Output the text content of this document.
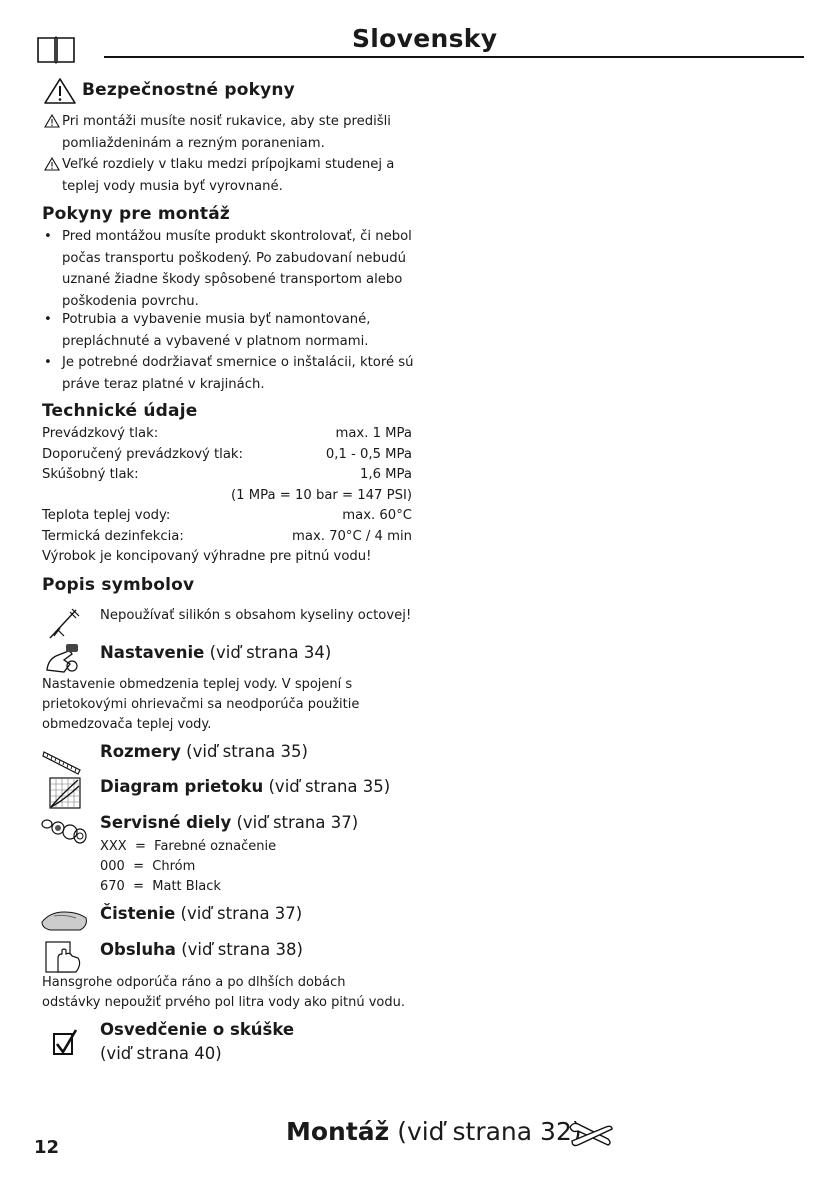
Slovensky
Bezpečnostné pokyny
Pri montáži musíte nosiť rukavice, aby ste predišli pomliaždeninám a rezným poraneniam.
Veľké rozdiely v tlaku medzi prípojkami studenej a teplej vody musia byť vyrovnané.
Pokyny pre montáž
• Pred montážou musíte produkt skontrolovať, či nebol počas transportu poškodený. Po zabudovaní nebudú uznané žiadne škody spôsobené transportom alebo poškodenia povrchu.
• Potrubia a vybavenie musia byť namontované, prepláchnuté a vybavené v platnom normami.
• Je potrebné dodržiavať smernice o inštalácii, ktoré sú práve teraz platné v krajinách.
Technické údaje
Prevádzkový tlak:	max. 1 MPa
Doporučený prevádzkový tlak:	0,1 - 0,5 MPa
Skúšobný tlak:	1,6 MPa
(1 MPa = 10 bar = 147 PSI)
Teplota teplej vody:	max. 60°C
Termická dezinfekcia:	max. 70°C / 4 min
Výrobok je koncipovaný výhradne pre pitnú vodu!
Popis symbolov
Nepoužívať silikón s obsahom kyseliny octovej!
Nastavenie (viď strana 34)
Nastavenie obmedzenia teplej vody. V spojení s
prietokovými ohrievačmi sa neodporúča použitie
obmedzovača teplej vody.
Rozmery (viď strana 35)
Diagram prietoku (viď strana 35)
Servisné diely (viď strana 37)
XXX = Farebné označenie
000 = Chróm
670 = Matt Black
Čistenie (viď strana 37)
Obsluha (viď strana 38)
Hansgrohe odporúča ráno a po dlhších dobách
odstávky nepoužiť prvého pol litra vody ako pitnú vodu.
Osvedčenie o skúške
(viď strana 40)
12
Montáž (viď strana 32)
